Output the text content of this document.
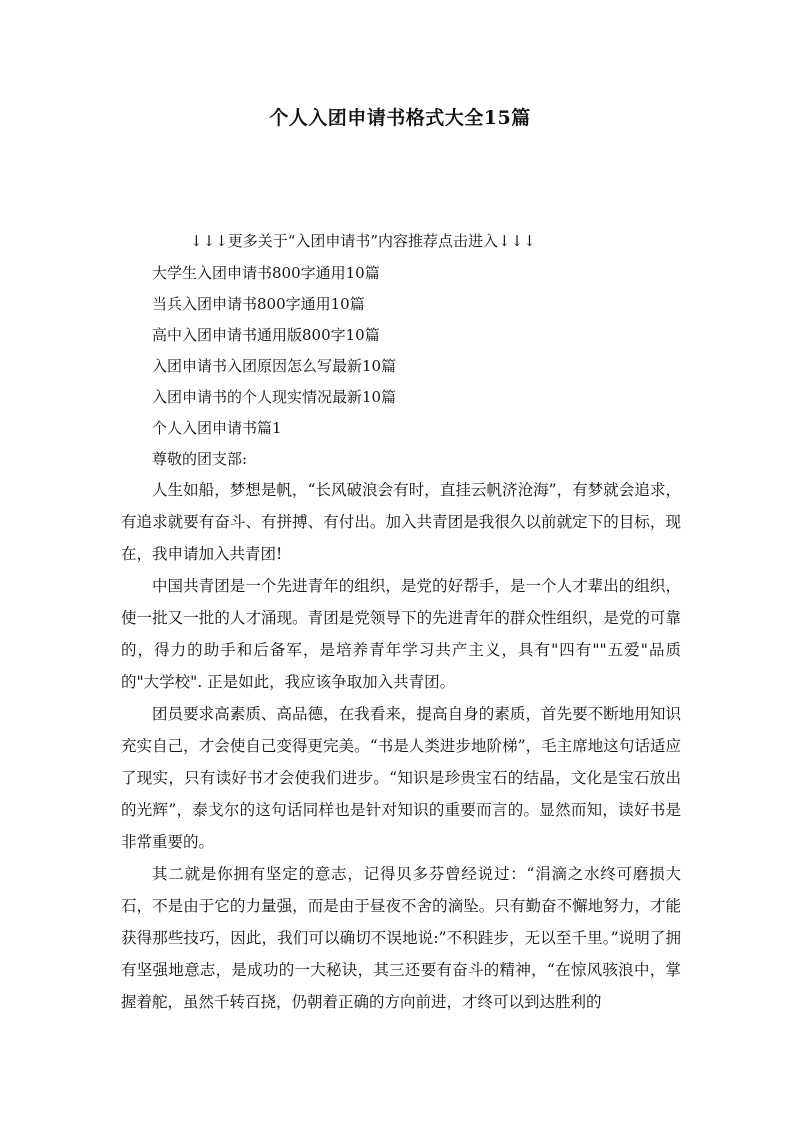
个人入团申请书格式大全15篇
↓↓↓更多关于“入团申请书”内容推荐点击进入↓↓↓
大学生入团申请书800字通用10篇
当兵入团申请书800字通用10篇
高中入团申请书通用版800字10篇
入团申请书入团原因怎么写最新10篇
入团申请书的个人现实情况最新10篇
个人入团申请书篇1
尊敬的团支部:

人生如船，梦想是帆，“长风破浪会有时，直挂云帆济沧海”，有梦就会追求，有追求就要有奋斗、有拼搏、有付出。加入共青团是我很久以前就定下的目标，现在，我申请加入共青团!

中国共青团是一个先进青年的组织，是党的好帮手，是一个人才辈出的组织，使一批又一批的人才涌现。青团是党领导下的先进青年的群众性组织，是党的可靠的，得力的助手和后备军，是培养青年学习共产主义，具有"四有""五爱"品质的"大学校". 正是如此，我应该争取加入共青团。

团员要求高素质、高品德，在我看来，提高自身的素质，首先要不断地用知识充实自己，才会使自己变得更完美。“书是人类进步地阶梯”，毛主席地这句话适应了现实，只有读好书才会使我们进步。“知识是珍贵宝石的结晶，文化是宝石放出的光辉”，泰戈尔的这句话同样也是针对知识的重要而言的。显然而知，读好书是非常重要的。

其二就是你拥有坚定的意志，记得贝多芬曾经说过：“涓滴之水终可磨损大石，不是由于它的力量强，而是由于昼夜不舍的滴坠。只有勤奋不懈地努力，才能获得那些技巧，因此，我们可以确切不误地说:”不积跬步，无以至千里。”说明了拥有坚强地意志，是成功的一大秘诀，其三还要有奋斗的精神，“在惊风骇浪中，掌握着舵，虽然千转百挠，仍朝着正确的方向前进，才终可以到达胜利的
